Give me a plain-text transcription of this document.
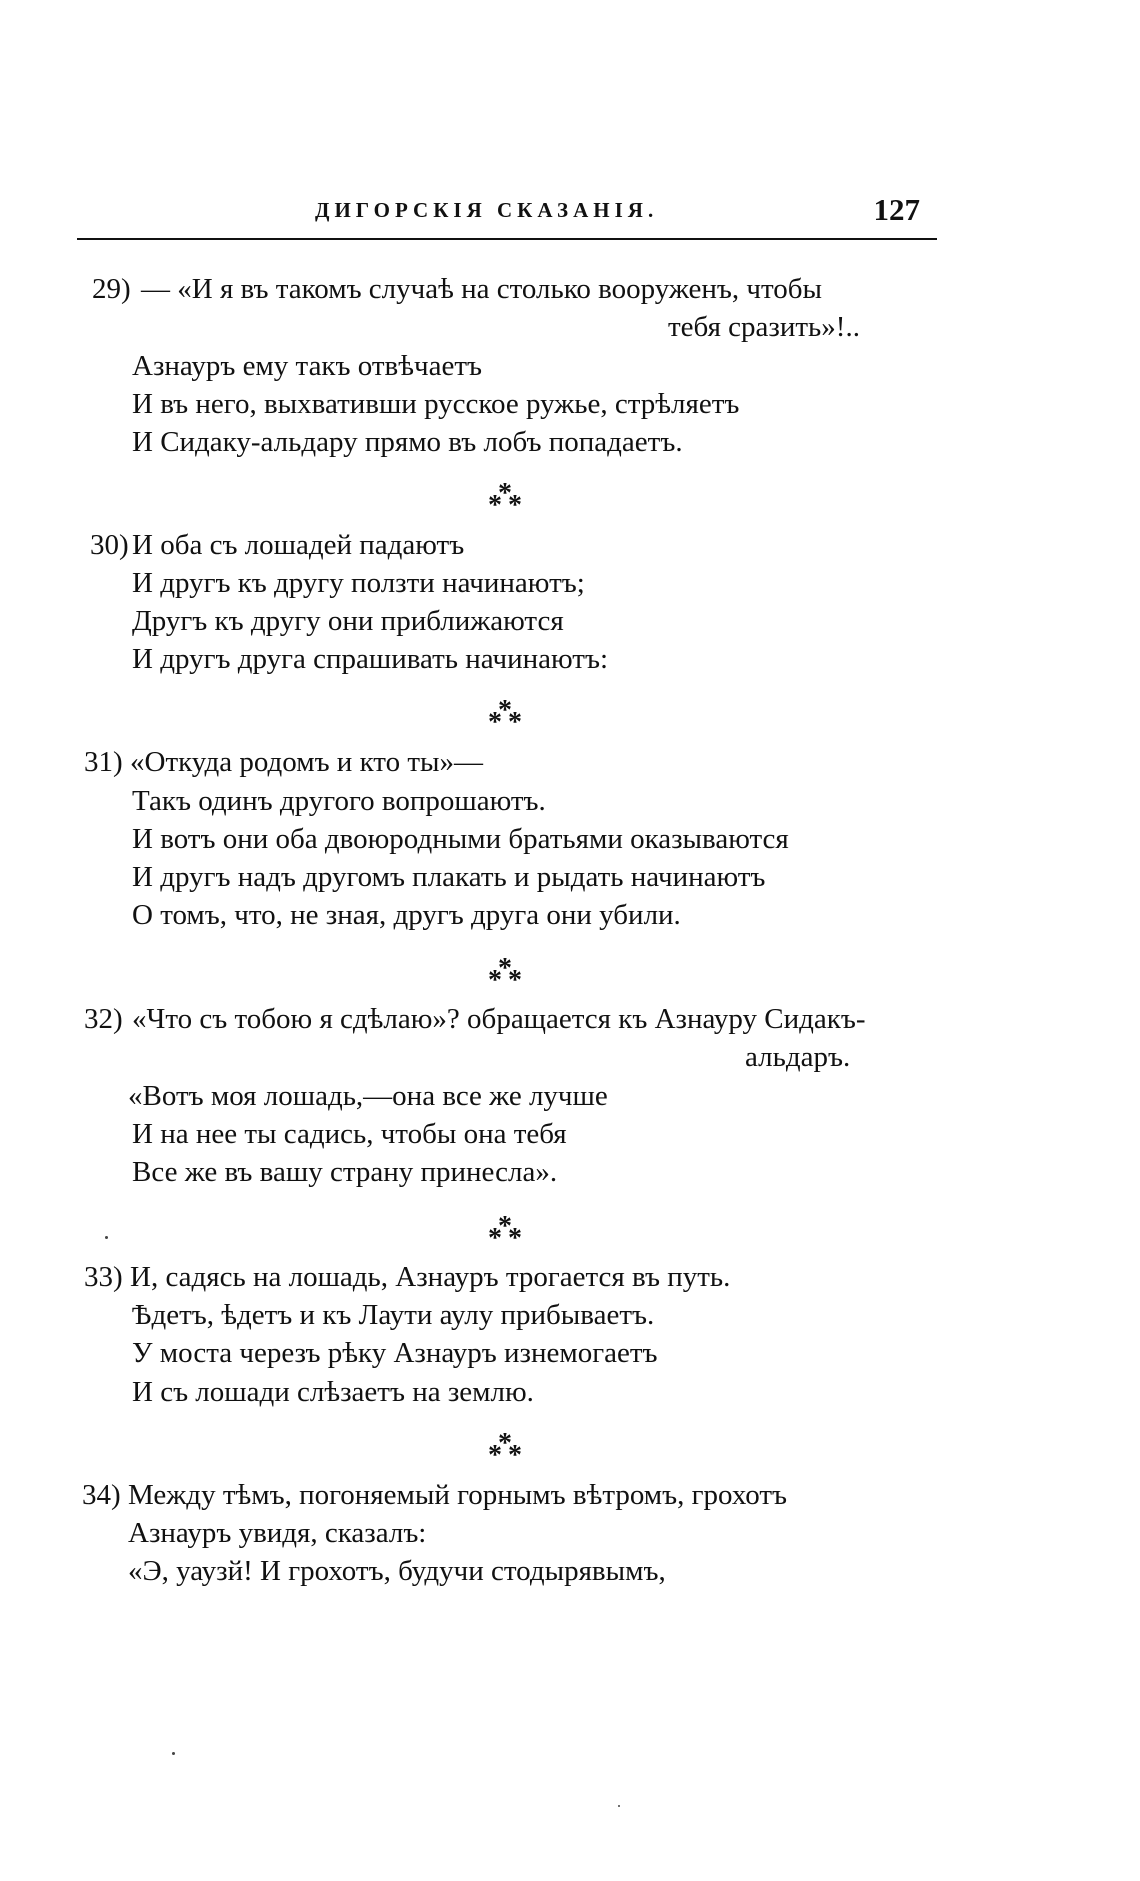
ДИГОРСКІЯ СКАЗАНІЯ.	127
29) — «И я въ такомъ случаѣ на столько вооруженъ, чтобы
тебя сразить»!..
Азнауръ ему такъ отвѣчаетъ
И въ него, выхвативши русское ружье, стрѣляетъ
И Сидаку-альдару прямо въ лобъ попадаетъ.
*
* *
30) И оба съ лошадей падаютъ
И другъ къ другу ползти начинаютъ;
Другъ къ другу они приближаются
И другъ друга спрашивать начинаютъ:
*
* *
31) «Откуда родомъ и кто ты»—
Такъ одинъ другого вопрошаютъ.
И вотъ они оба двоюродными братьями оказываются
И другъ надъ другомъ плакать и рыдать начинаютъ
О томъ, что, не зная, другъ друга они убили.
*
* *
32) «Что съ тобою я сдѣлаю»? обращается къ Азнауру Сидакъ-
альдаръ.
«Вотъ моя лошадь,—она все же лучше
И на нее ты садись, чтобы она тебя
Все же въ вашу страну принесла».
*
* *
33) И, садясь на лошадь, Азнауръ трогается въ путь.
Ѣдетъ, ѣдетъ и къ Лаути аулу прибываетъ.
У моста черезъ рѣку Азнауръ изнемогаетъ
И съ лошади слѣзаетъ на землю.
*
* *
34) Между тѣмъ, погоняемый горнымъ вѣтромъ, грохотъ
Азнауръ увидя, сказалъ:
«Э, уаузй! И грохотъ, будучи стодырявымъ,
